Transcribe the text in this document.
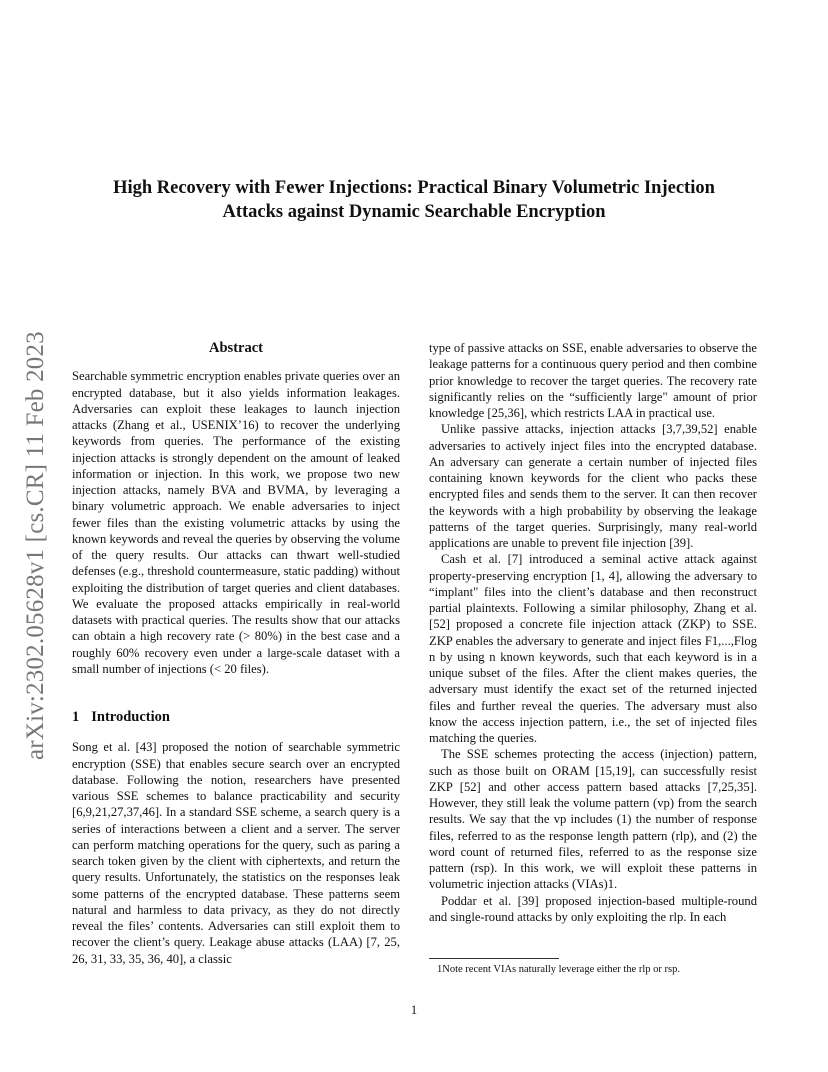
arXiv:2302.05628v1 [cs.CR] 11 Feb 2023
High Recovery with Fewer Injections: Practical Binary Volumetric Injection
Attacks against Dynamic Searchable Encryption
Abstract

Searchable symmetric encryption enables private queries over an encrypted database, but it also yields information leakages. Adversaries can exploit these leakages to launch injection attacks (Zhang et al., USENIX’16) to recover the underlying keywords from queries. The performance of the existing injection attacks is strongly dependent on the amount of leaked information or injection. In this work, we propose two new injection attacks, namely BVA and BVMA, by leveraging a binary volumetric approach. We enable adversaries to inject fewer files than the existing volumetric attacks by using the known keywords and reveal the queries by observing the volume of the query results. Our attacks can thwart well-studied defenses (e.g., threshold countermeasure, static padding) without exploiting the distribution of target queries and client databases. We evaluate the proposed attacks empirically in real-world datasets with practical queries. The results show that our attacks can obtain a high recovery rate (> 80%) in the best case and a roughly 60% recovery even under a large-scale dataset with a small number of injections (< 20 files).

1 Introduction

Song et al. [43] proposed the notion of searchable symmetric encryption (SSE) that enables secure search over an encrypted database. Following the notion, researchers have presented various SSE schemes to balance practicability and security [6,9,21,27,37,46]. In a standard SSE scheme, a search query is a series of interactions between a client and a server. The server can perform matching operations for the query, such as paring a search token given by the client with ciphertexts, and return the query results. Unfortunately, the statistics on the responses leak some patterns of the encrypted database. These patterns seem natural and harmless to data privacy, as they do not directly reveal the files’ contents. Adversaries can still exploit them to recover the client’s query. Leakage abuse attacks (LAA) [7, 25, 26, 31, 33, 35, 36, 40], a classic

type of passive attacks on SSE, enable adversaries to observe the leakage patterns for a continuous query period and then combine prior knowledge to recover the target queries. The recovery rate significantly relies on the “sufficiently large" amount of prior knowledge [25,36], which restricts LAA in practical use.

Unlike passive attacks, injection attacks [3,7,39,52] enable adversaries to actively inject files into the encrypted database. An adversary can generate a certain number of injected files containing known keywords for the client who packs these encrypted files and sends them to the server. It can then recover the keywords with a high probability by observing the leakage patterns of the target queries. Surprisingly, many real-world applications are unable to prevent file injection [39].

Cash et al. [7] introduced a seminal active attack against property-preserving encryption [1, 4], allowing the adversary to “implant" files into the client’s database and then reconstruct partial plaintexts. Following a similar philosophy, Zhang et al. [52] proposed a concrete file injection attack (ZKP) to SSE. ZKP enables the adversary to generate and inject files F1,...,Flog n by using n known keywords, such that each keyword is in a unique subset of the files. After the client makes queries, the adversary must identify the exact set of the returned injected files and further reveal the queries. The adversary must also know the access injection pattern, i.e., the set of injected files matching the queries.

The SSE schemes protecting the access (injection) pattern, such as those built on ORAM [15,19], can successfully resist ZKP [52] and other access pattern based attacks [7,25,35]. However, they still leak the volume pattern (vp) from the search results. We say that the vp includes (1) the number of response files, referred to as the response length pattern (rlp), and (2) the word count of returned files, referred to as the response size pattern (rsp). In this work, we will exploit these patterns in volumetric injection attacks (VIAs)1.

Poddar et al. [39] proposed injection-based multiple-round and single-round attacks by only exploiting the rlp. In each

1Note recent VIAs naturally leverage either the rlp or rsp.
1
